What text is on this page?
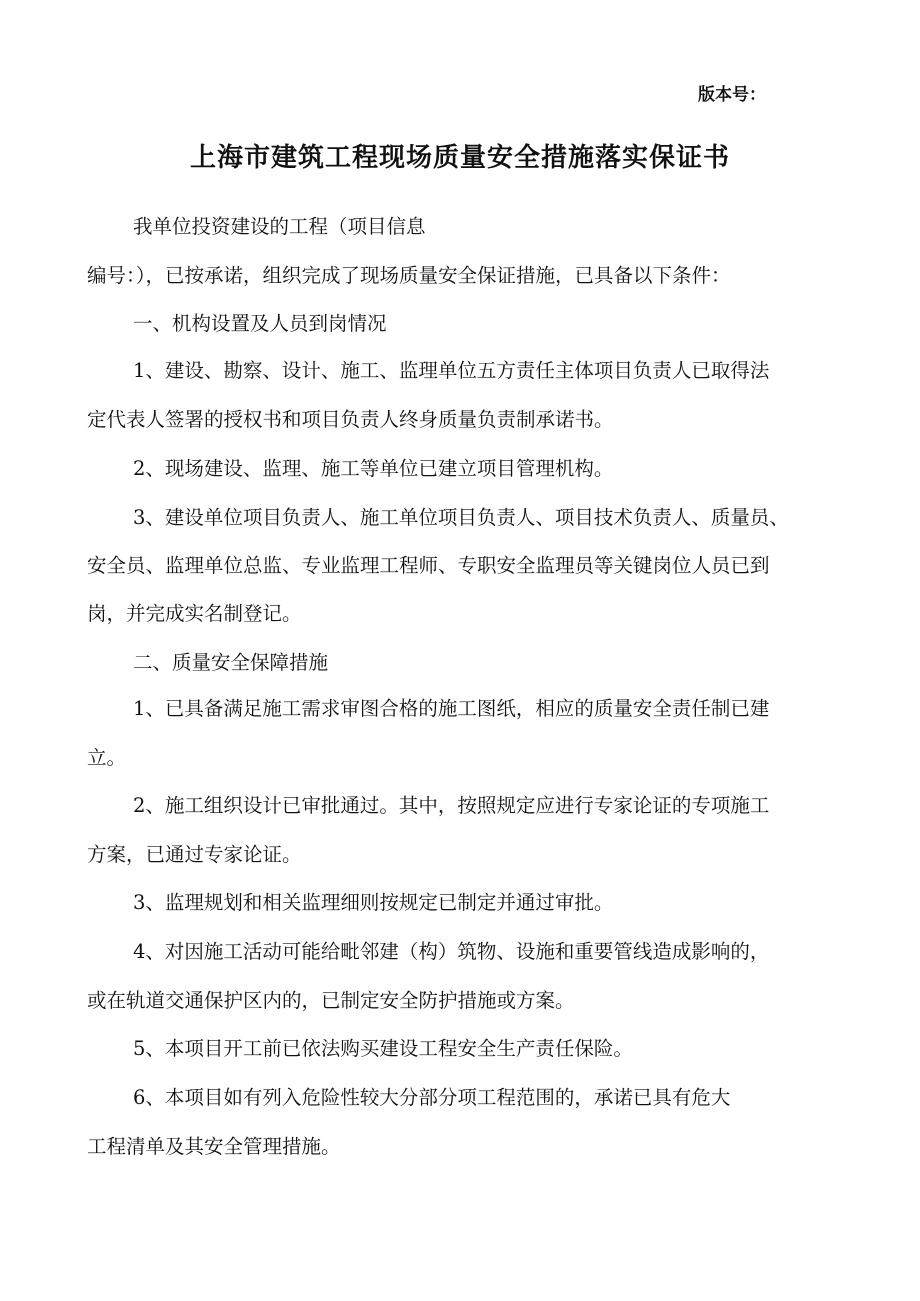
版本号：
上海市建筑工程现场质量安全措施落实保证书
我单位投资建设的工程（项目信息
编号：），已按承诺，组织完成了现场质量安全保证措施，已具备以下条件：
一、机构设置及人员到岗情况
1、建设、勘察、设计、施工、监理单位五方责任主体项目负责人已取得法
定代表人签署的授权书和项目负责人终身质量负责制承诺书。
2、现场建设、监理、施工等单位已建立项目管理机构。
3、建设单位项目负责人、施工单位项目负责人、项目技术负责人、质量员、
安全员、监理单位总监、专业监理工程师、专职安全监理员等关键岗位人员已到
岗，并完成实名制登记。
二、质量安全保障措施
1、已具备满足施工需求审图合格的施工图纸，相应的质量安全责任制已建
立。
2、施工组织设计已审批通过。其中，按照规定应进行专家论证的专项施工
方案，已通过专家论证。
3、监理规划和相关监理细则按规定已制定并通过审批。
4、对因施工活动可能给毗邻建（构）筑物、设施和重要管线造成影响的，
或在轨道交通保护区内的，已制定安全防护措施或方案。
5、本项目开工前已依法购买建设工程安全生产责任保险。
6、本项目如有列入危险性较大分部分项工程范围的，承诺已具有危大
工程清单及其安全管理措施。
